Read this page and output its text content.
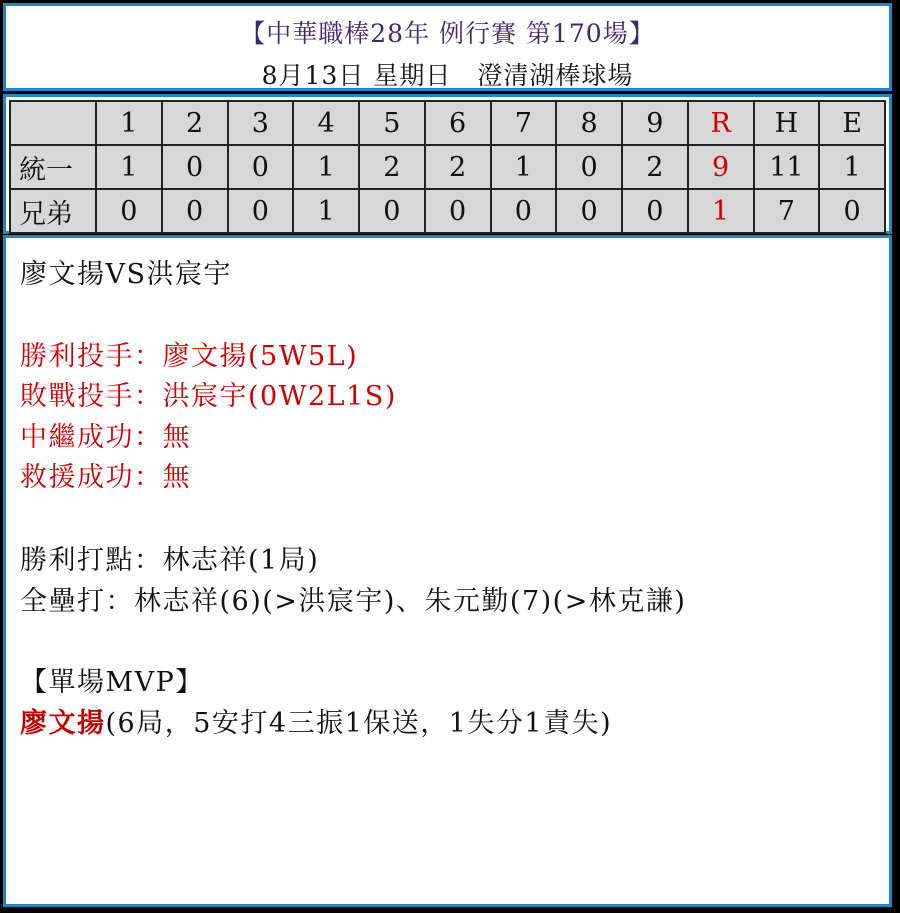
【中華職棒28年 例行賽 第170場】
8月13日 星期日　澄清湖棒球場
	1	2	3	4	5	6	7	8	9	R	H	E
統一	1	0	0	1	2	2	1	0	2	9	11	1
兄弟	0	0	0	1	0	0	0	0	0	1	7	0
廖文揚VS洪宸宇
勝利投手：廖文揚(5W5L)
敗戰投手：洪宸宇(0W2L1S)
中繼成功：無
救援成功：無
勝利打點：林志祥(1局)
全壘打：林志祥(6)(>洪宸宇)、朱元勤(7)(>林克謙)
【單場MVP】
廖文揚(6局，5安打4三振1保送，1失分1責失)
